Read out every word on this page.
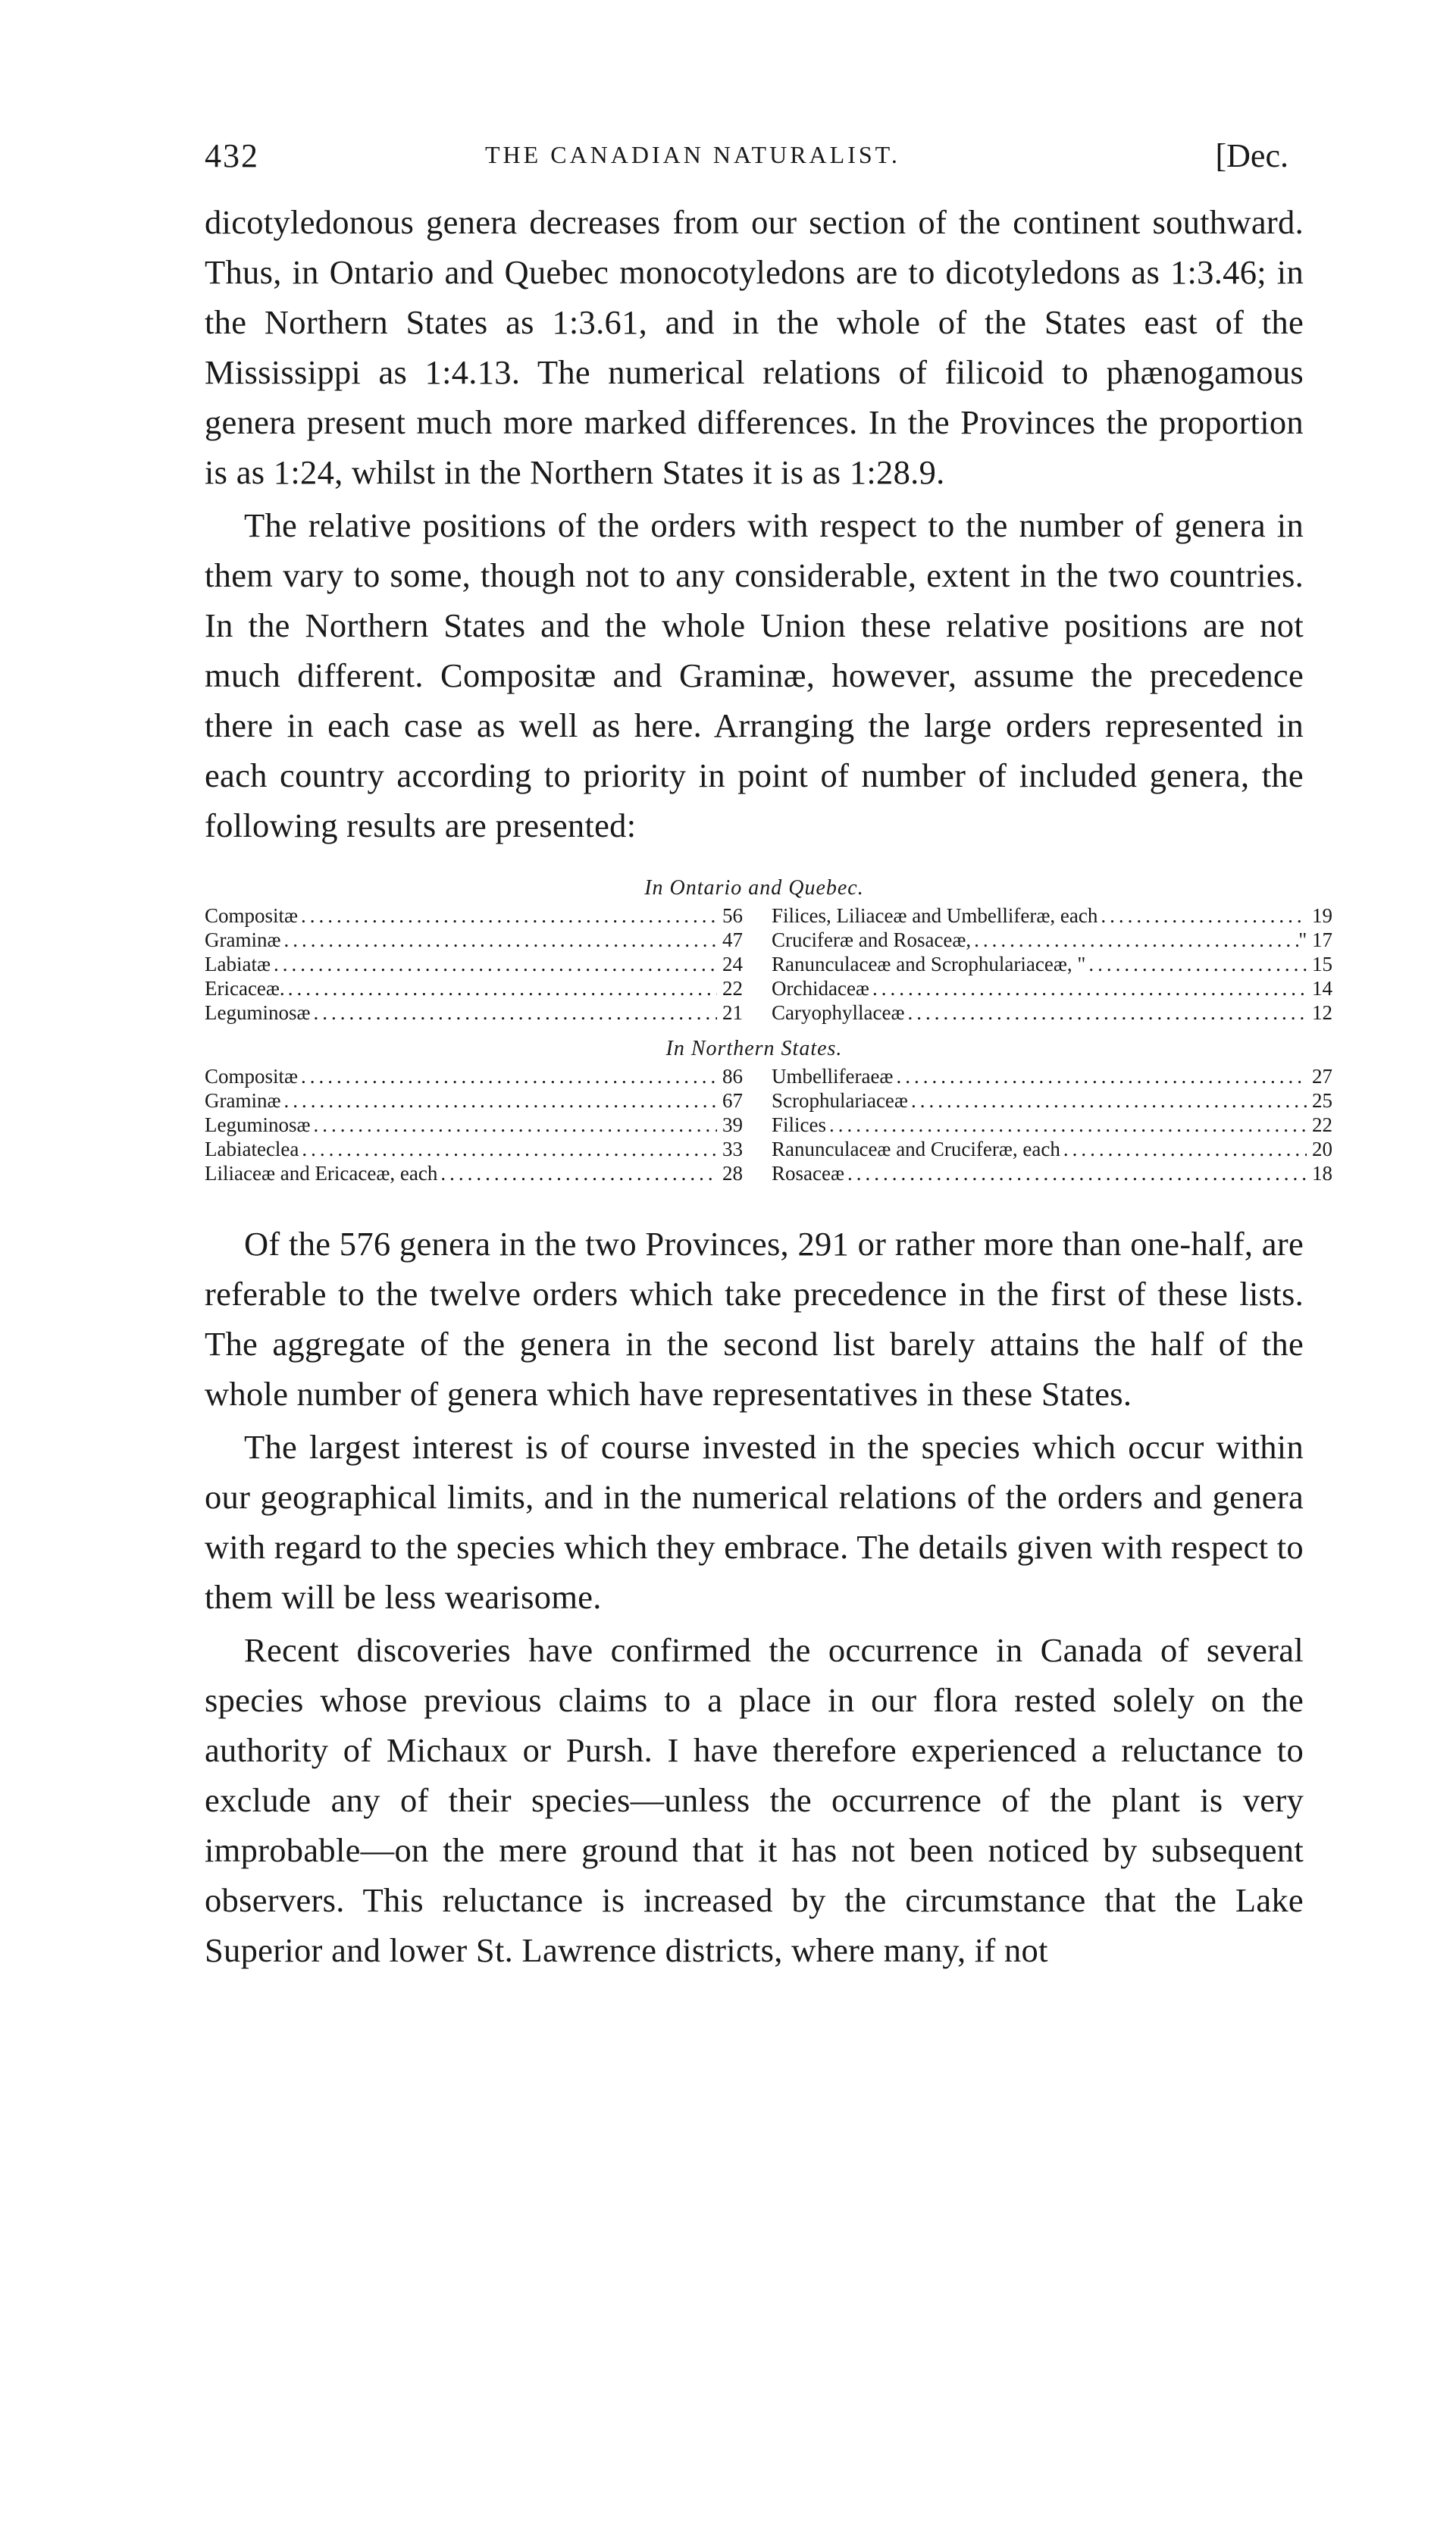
432	THE CANADIAN NATURALIST.	[Dec.

dicotyledonous genera decreases from our section of the continent southward. Thus, in Ontario and Quebec monocotyledons are to dicotyledons as 1:3.46; in the Northern States as 1:3.61, and in the whole of the States east of the Mississippi as 1:4.13. The numerical relations of filicoid to phænogamous genera present much more marked differences. In the Provinces the proportion is as 1:24, whilst in the Northern States it is as 1:28.9.

The relative positions of the orders with respect to the number of genera in them vary to some, though not to any considerable, extent in the two countries. In the Northern States and the whole Union these relative positions are not much different. Compositæ and Graminæ, however, assume the precedence there in each case as well as here. Arranging the large orders represented in each country according to priority in point of number of included genera, the following results are presented:

In Ontario and Quebec.
Compositæ .....	56
Graminæ .....	47
Labiatæ .....	24
Ericaceæ. .....	22
Leguminosæ .....	21
Filices, Liliaceæ and Umbelliferæ, each .....	19
Cruciferæ and Rosaceæ, .....	" 17
Ranunculaceæ and Scrophulariaceæ, " .....	15
Orchidaceæ .....	14
Caryophyllaceæ .....	12
In Northern States.
Compositæ .....	86
Graminæ .....	67
Leguminosæ .....	39
Labiateclea .....	33
Liliaceæ and Ericaceæ, each .....	28
Umbelliferaeæ .....	27
Scrophulariaceæ .....	25
Filices .....	22
Ranunculaceæ and Cruciferæ, each .....	20
Rosaceæ .....	18

Of the 576 genera in the two Provinces, 291 or rather more than one-half, are referable to the twelve orders which take precedence in the first of these lists. The aggregate of the genera in the second list barely attains the half of the whole number of genera which have representatives in these States.

The largest interest is of course invested in the species which occur within our geographical limits, and in the numerical relations of the orders and genera with regard to the species which they embrace. The details given with respect to them will be less wearisome.

Recent discoveries have confirmed the occurrence in Canada of several species whose previous claims to a place in our flora rested solely on the authority of Michaux or Pursh. I have therefore experienced a reluctance to exclude any of their species—unless the occurrence of the plant is very improbable—on the mere ground that it has not been noticed by subsequent observers. This reluctance is increased by the circumstance that the Lake Superior and lower St. Lawrence districts, where many, if not
